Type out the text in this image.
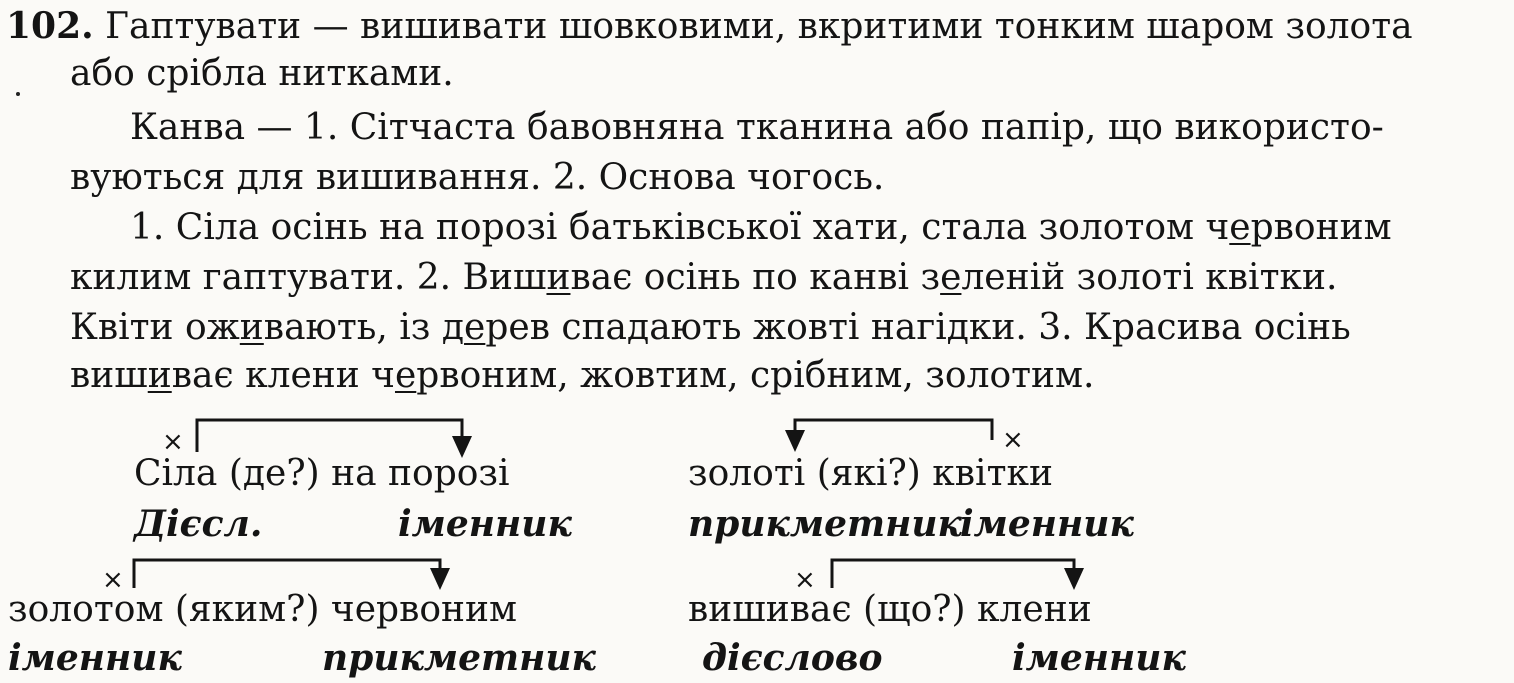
102. Гаптувати — вишивати шовковими, вкритими тонким шаром золота
або срібла нитками.
Канва — 1. Сітчаста бавовняна тканина або папір, що використо-
вуються для вишивання. 2. Основа чогось.
1. Сіла осінь на порозі батьківської хати, стала золотом червоним
килим гаптувати. 2. Вишиває осінь по канві зеленій золоті квітки.
Квіти оживають, із дерев спадають жовті нагідки. 3. Красива осінь
вишиває клени червоним, жовтим, срібним, золотим.
×	×
×	×
Сіла (де?) на порозі
Дієсл.	іменник
золоті (які?) квітки
прикметник
іменник
золотом (яким?) червоним
іменник	прикметник
вишиває (що?) клени
дієслово	іменник
